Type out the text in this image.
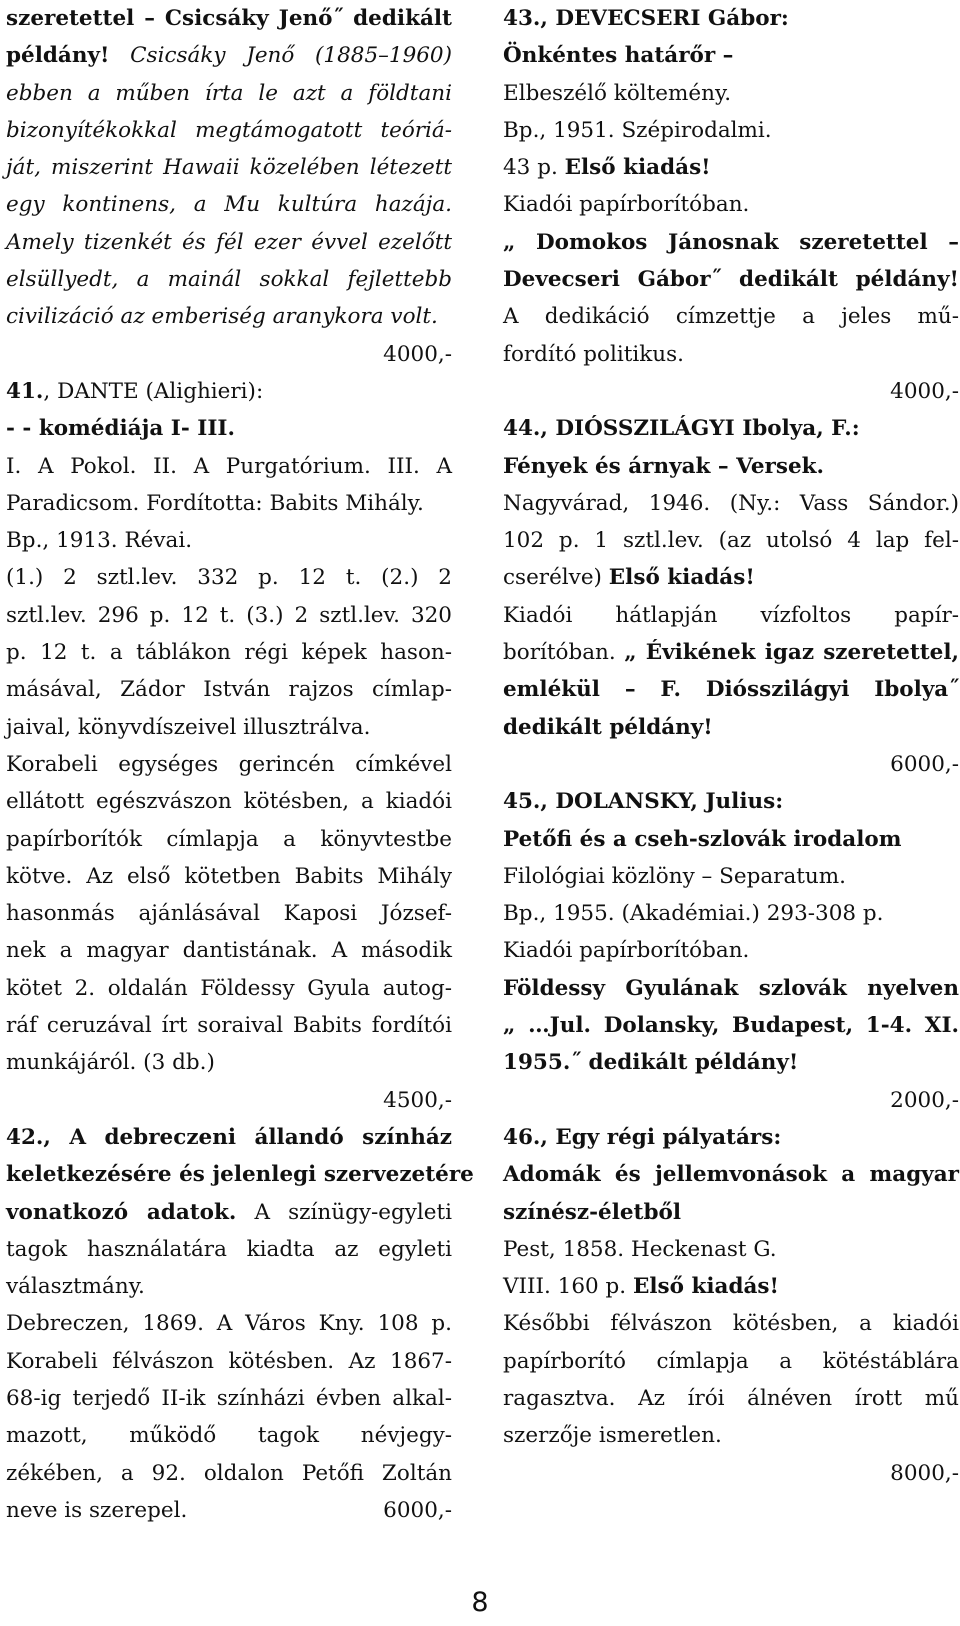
szeretettel – Csicsáky Jenő˝ dedikált
példány! Csicsáky Jenő (1885–1960)
ebben a műben írta le azt a földtani
bizonyítékokkal megtámogatott teóriá-
ját, miszerint Hawaii közelében létezett
egy kontinens, a Mu kultúra hazája.
Amely tizenkét és fél ezer évvel ezelőtt
elsüllyedt, a mainál sokkal fejlettebb
civilizáció az emberiség aranykora volt.
4000,-
41., DANTE (Alighieri):
- - komédiája I- III.
I. A Pokol. II. A Purgatórium. III. A
Paradicsom. Fordította: Babits Mihály.
Bp., 1913. Révai.
(1.) 2 sztl.lev. 332 p. 12 t. (2.) 2
sztl.lev. 296 p. 12 t. (3.) 2 sztl.lev. 320
p. 12 t. a táblákon régi képek hason-
másával, Zádor István rajzos címlap-
jaival, könyvdíszeivel illusztrálva.
Korabeli egységes gerincén címkével
ellátott egészvászon kötésben, a kiadói
papírborítók címlapja a könyvtestbe
kötve. Az első kötetben Babits Mihály
hasonmás ajánlásával Kaposi József-
nek a magyar dantistának. A második
kötet 2. oldalán Földessy Gyula autog-
ráf ceruzával írt soraival Babits fordítói
munkájáról. (3 db.)
4500,-
42., A debreczeni állandó színház
keletkezésére és jelenlegi szervezetére
vonatkozó adatok. A színügy-egyleti
tagok használatára kiadta az egyleti
választmány.
Debreczen, 1869. A Város Kny. 108 p.
Korabeli félvászon kötésben. Az 1867-
68-ig terjedő II-ik színházi évben alkal-
mazott, működő tagok névjegy-
zékében, a 92. oldalon Petőfi Zoltán
neve is szerepel.	6000,-
43., DEVECSERI Gábor:
Önkéntes határőr –
Elbeszélő költemény.
Bp., 1951. Szépirodalmi.
43 p. Első kiadás!
Kiadói papírborítóban.
„ Domokos Jánosnak szeretettel –
Devecseri Gábor˝ dedikált példány!
A dedikáció címzettje a jeles mű-
fordító politikus.
4000,-
44., DIÓSSZILÁGYI Ibolya, F.:
Fények és árnyak – Versek.
Nagyvárad, 1946. (Ny.: Vass Sándor.)
102 p. 1 sztl.lev. (az utolsó 4 lap fel-
cserélve) Első kiadás!
Kiadói hátlapján vízfoltos papír-
borítóban. „ Évikének igaz szeretettel,
emlékül – F. Diósszilágyi Ibolya˝
dedikált példány!
6000,-
45., DOLANSKY, Julius:
Petőfi és a cseh-szlovák irodalom
Filológiai közlöny – Separatum.
Bp., 1955. (Akadémiai.) 293-308 p.
Kiadói papírborítóban.
Földessy Gyulának szlovák nyelven
„ …Jul. Dolansky, Budapest, 1-4. XI.
1955.˝ dedikált példány!
2000,-
46., Egy régi pályatárs:
Adomák és jellemvonások a magyar
színész-életből
Pest, 1858. Heckenast G.
VIII. 160 p. Első kiadás!
Későbbi félvászon kötésben, a kiadói
papírborító címlapja a kötéstáblára
ragasztva. Az írói álnéven írott mű
szerzője ismeretlen.
8000,-
8
